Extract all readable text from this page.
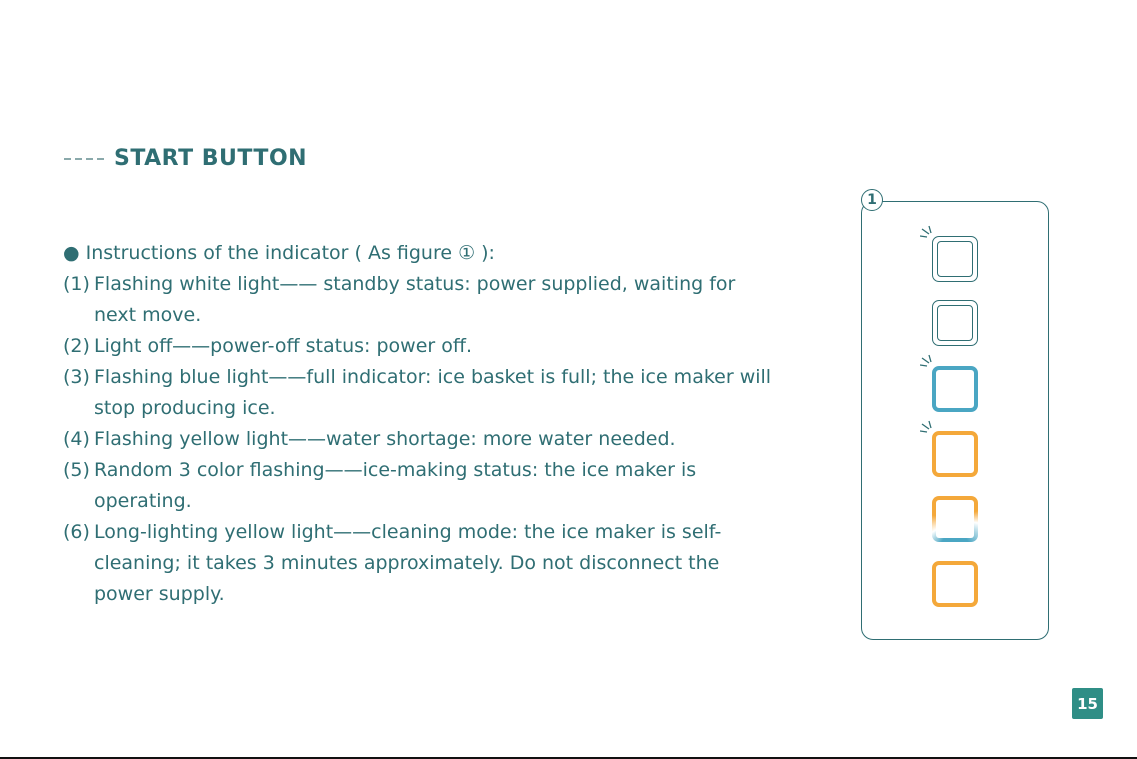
START BUTTON

● Instructions of the indicator ( As figure ① ):

(1) Flashing white light—— standby status: power supplied, waiting for next move.
(2) Light off——power-off status: power off.
(3) Flashing blue light——full indicator: ice basket is full; the ice maker will stop producing ice.
(4) Flashing yellow light——water shortage: more water needed.
(5) Random 3 color flashing——ice-making status: the ice maker is operating.
(6) Long-lighting yellow light——cleaning mode: the ice maker is self-cleaning; it takes 3 minutes approximately. Do not disconnect the power supply.
1
15
